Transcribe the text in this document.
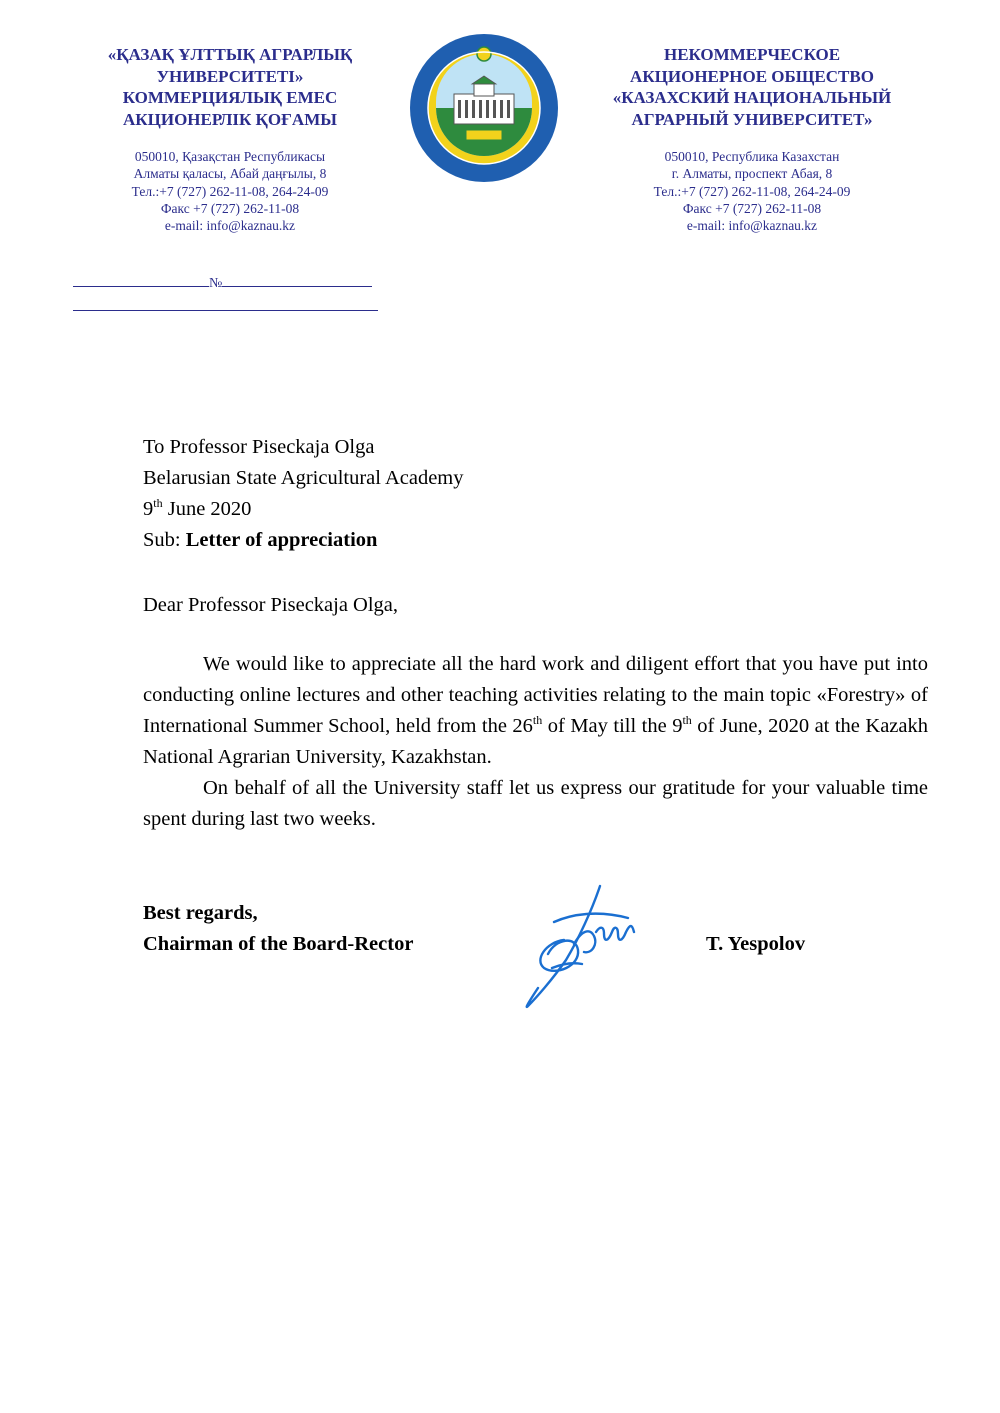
«ҚАЗАҚ ҰЛТТЫҚ АГРАРЛЫҚ
УНИВЕРСИТЕТІ»
КОММЕРЦИЯЛЫҚ ЕМЕС
АКЦИОНЕРЛІК ҚОҒАМЫ
050010, Қазақстан Республикасы
Алматы қаласы, Абай даңғылы, 8
Тел.:+7 (727) 262-11-08, 264-24-09
Факс +7 (727) 262-11-08
e-mail: info@kaznau.kz
НЕКОММЕРЧЕСКОЕ
АКЦИОНЕРНОЕ ОБЩЕСТВО
«КАЗАХСКИЙ НАЦИОНАЛЬНЫЙ
АГРАРНЫЙ УНИВЕРСИТЕТ»
050010, Республика Казахстан
г. Алматы, проспект Абая, 8
Тел.:+7 (727) 262-11-08, 264-24-09
Факс +7 (727) 262-11-08
e-mail: info@kaznau.kz
№
To Professor Piseckaja Olga
Belarusian State Agricultural Academy
9th June 2020
Sub: Letter of appreciation
Dear Professor Piseckaja Olga,

We would like to appreciate all the hard work and diligent effort that you have put into conducting online lectures and other teaching activities relating to the main topic «Forestry» of International Summer School, held from the 26th of May till the 9th of June, 2020 at the Kazakh National Agrarian University, Kazakhstan.

On behalf of all the University staff let us express our gratitude for your valuable time spent during last two weeks.

Best regards,
Chairman of the Board-Rector	T. Yespolov
